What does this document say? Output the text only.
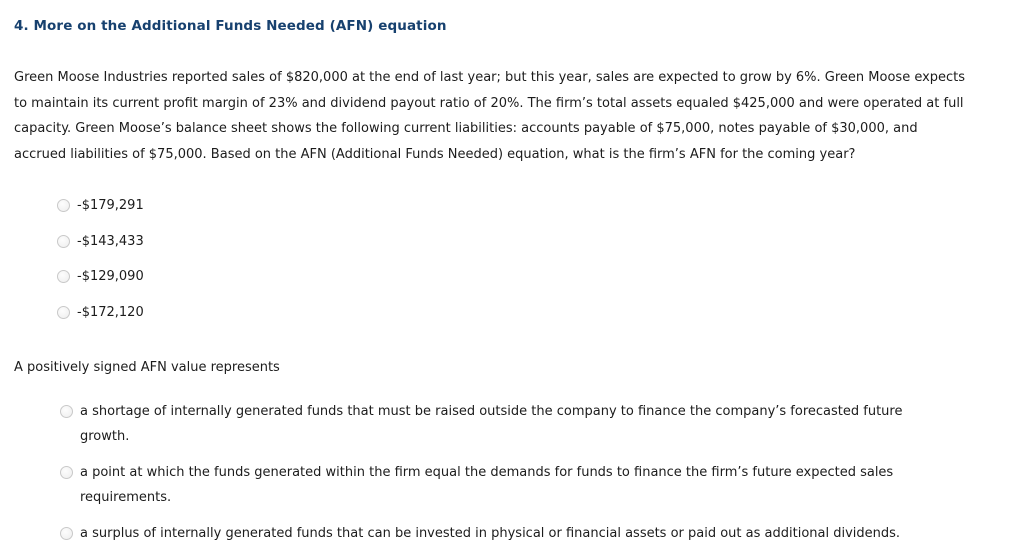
4. More on the Additional Funds Needed (AFN) equation
Green Moose Industries reported sales of $820,000 at the end of last year; but this year, sales are expected to grow by 6%. Green Moose expects to maintain its current profit margin of 23% and dividend payout ratio of 20%. The firm’s total assets equaled $425,000 and were operated at full capacity. Green Moose’s balance sheet shows the following current liabilities: accounts payable of $75,000, notes payable of $30,000, and accrued liabilities of $75,000. Based on the AFN (Additional Funds Needed) equation, what is the firm’s AFN for the coming year?
-$179,291
-$143,433
-$129,090
-$172,120
A positively signed AFN value represents
a shortage of internally generated funds that must be raised outside the company to finance the company’s forecasted future growth.
a point at which the funds generated within the firm equal the demands for funds to finance the firm’s future expected sales requirements.
a surplus of internally generated funds that can be invested in physical or financial assets or paid out as additional dividends.
